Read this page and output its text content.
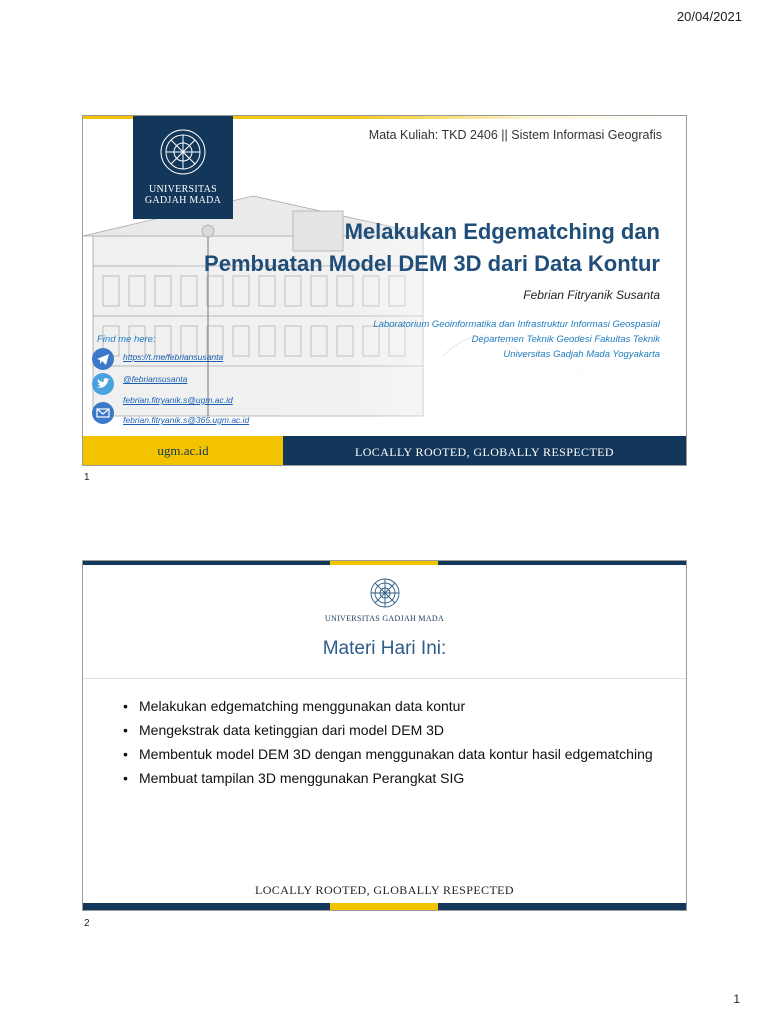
20/04/2021
UNIVERSITAS
GADJAH MADA
Mata Kuliah: TKD 2406 || Sistem Informasi Geografis
Melakukan Edgematching dan
Pembuatan Model DEM 3D dari Data Kontur
Febrian Fitryanik Susanta
Laboratorium Geoinformatika dan Infrastruktur Informasi Geospasial
Departemen Teknik Geodesi Fakultas Teknik
Universitas Gadjah Mada Yogyakarta
Find me here:
https://t.me/febriansusanta
@febriansusanta
febrian.fitryanik.s@ugm.ac.id
febrian.fitryanik.s@365.ugm.ac.id
ugm.ac.id	LOCALLY ROOTED, GLOBALLY RESPECTED
1
UNIVERSITAS GADJAH MADA
Materi Hari Ini:
• Melakukan edgematching menggunakan data kontur
• Mengekstrak data ketinggian dari model DEM 3D
• Membentuk model DEM 3D dengan menggunakan data kontur hasil edgematching
• Membuat tampilan 3D menggunakan Perangkat SIG
LOCALLY ROOTED, GLOBALLY RESPECTED
2
1
